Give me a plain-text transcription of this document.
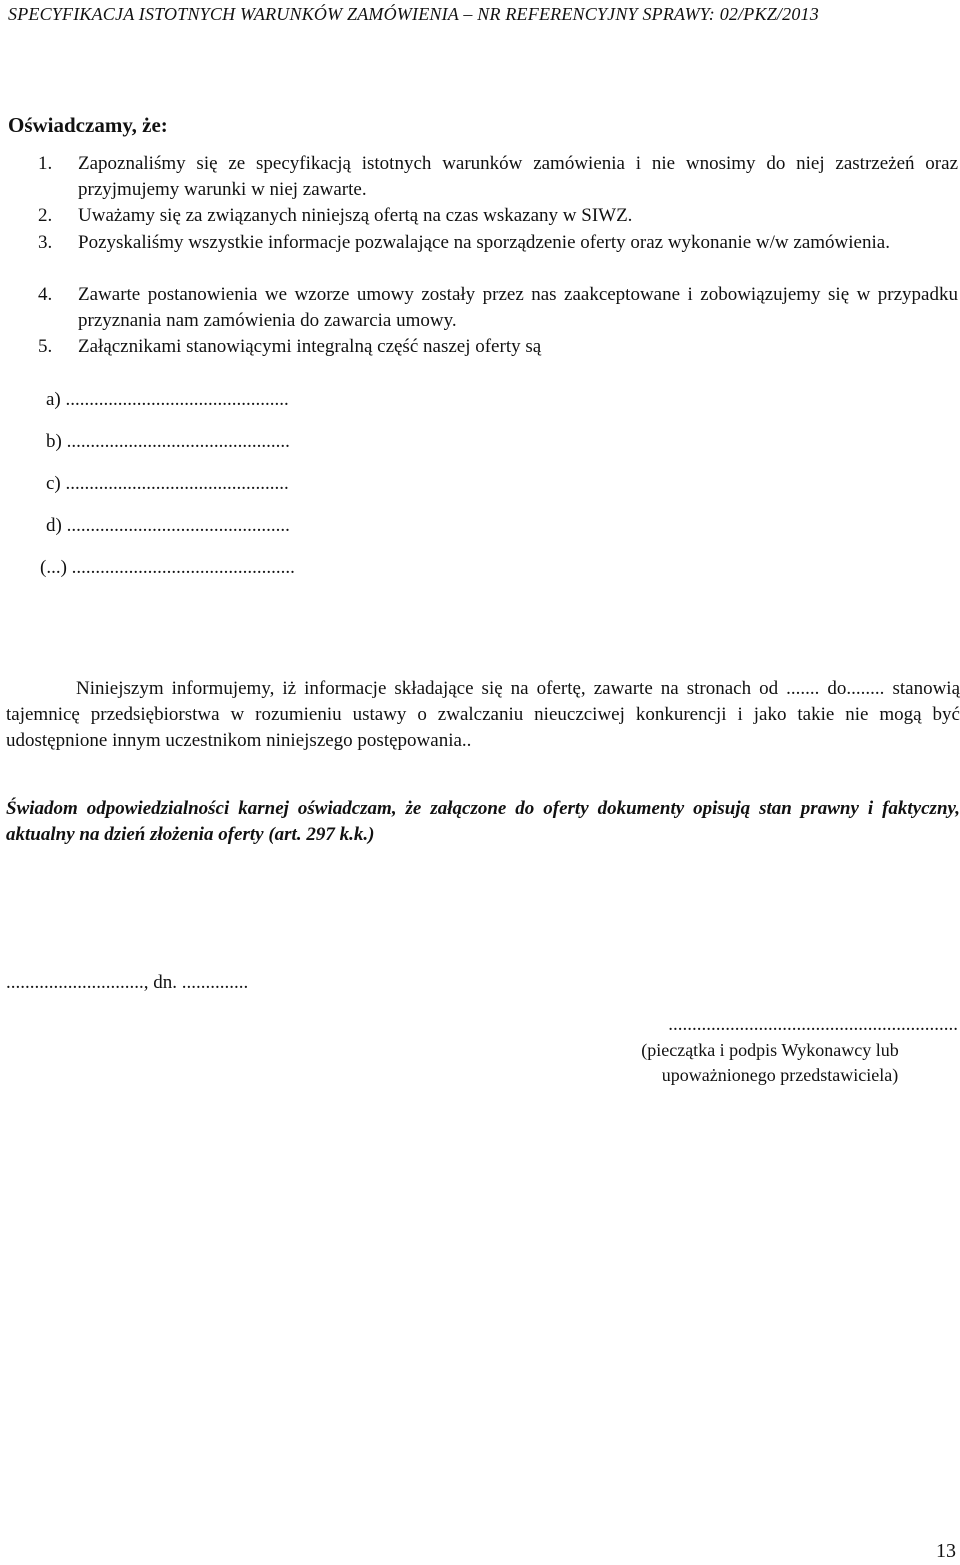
SPECYFIKACJA ISTOTNYCH WARUNKÓW ZAMÓWIENIA – NR REFERENCYJNY SPRAWY: 02/PKZ/2013
Oświadczamy, że:
1. Zapoznaliśmy się ze specyfikacją istotnych warunków zamówienia i nie wnosimy do niej zastrzeżeń oraz przyjmujemy warunki w niej zawarte.
2. Uważamy się za związanych niniejszą ofertą na czas wskazany w SIWZ.
3. Pozyskaliśmy wszystkie informacje pozwalające na sporządzenie oferty oraz wykonanie w/w zamówienia.
4. Zawarte postanowienia we wzorze umowy zostały przez nas zaakceptowane i zobowiązujemy się w przypadku przyznania nam zamówienia do zawarcia umowy.
5. Załącznikami stanowiącymi integralną część naszej oferty są
a) ...............................................
b) ...............................................
c) ...............................................
d) ...............................................
(...) ...............................................
Niniejszym informujemy, iż informacje składające się na ofertę, zawarte na stronach od ....... do........ stanowią tajemnicę przedsiębiorstwa w rozumieniu ustawy o zwalczaniu nieuczciwej konkurencji i jako takie nie mogą być udostępnione innym uczestnikom niniejszego postępowania..
Świadom odpowiedzialności karnej oświadczam, że załączone do oferty dokumenty opisują stan prawny i faktyczny, aktualny na dzień złożenia oferty (art. 297 k.k.)
............................., dn. ..............
.............................................................
(pieczątka i podpis Wykonawcy lub
upoważnionego przedstawiciela)
13
